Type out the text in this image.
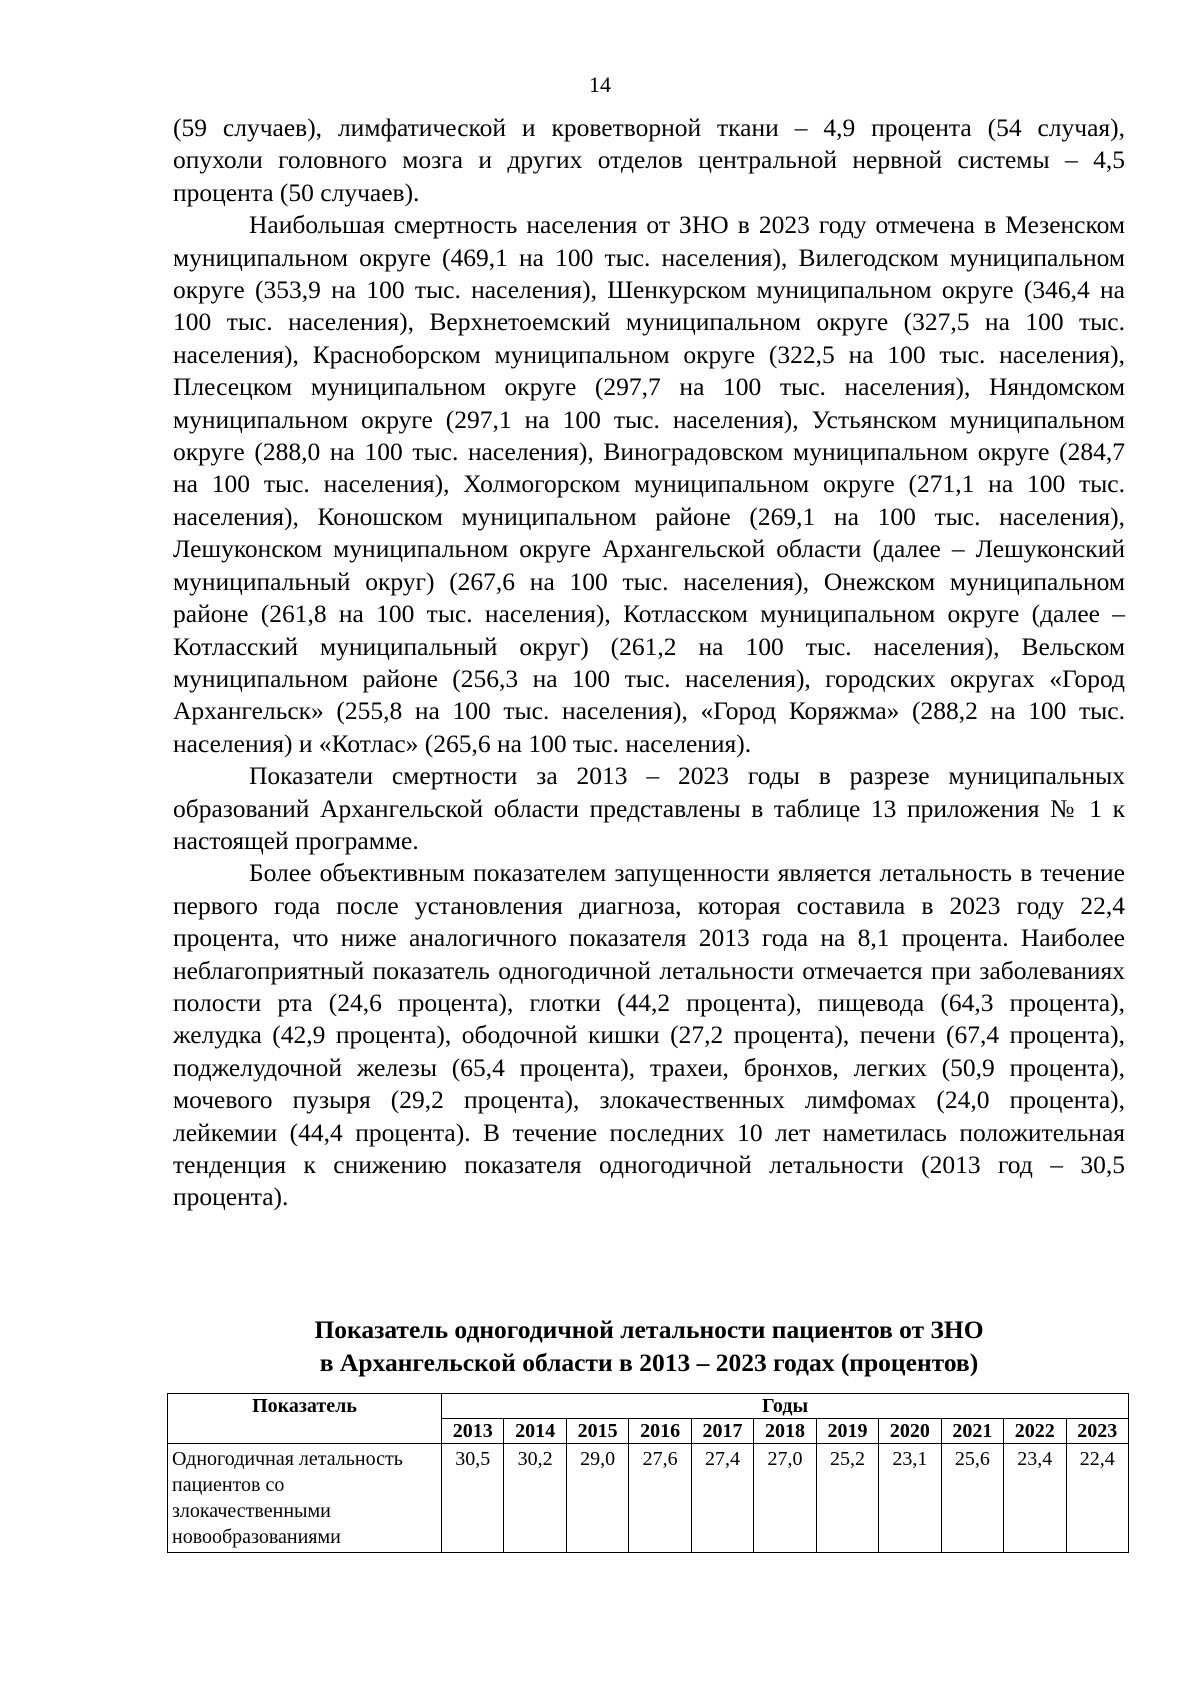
14

(59 случаев), лимфатической и кроветворной ткани – 4,9 процента (54 случая), опухоли головного мозга и других отделов центральной нервной системы – 4,5 процента (50 случаев).

Наибольшая смертность населения от ЗНО в 2023 году отмечена в Мезенском муниципальном округе (469,1 на 100 тыс. населения), Вилегодском муниципальном округе (353,9 на 100 тыс. населения), Шенкурском муниципальном округе (346,4 на 100 тыс. населения), Верхнетоемский муниципальном округе (327,5 на 100 тыс. населения), Красноборском муниципальном округе (322,5 на 100 тыс. населения), Плесецком муниципальном округе (297,7 на 100 тыс. населения), Няндомском муниципальном округе (297,1 на 100 тыс. населения), Устьянском муниципальном округе (288,0 на 100 тыс. населения), Виноградовском муниципальном округе (284,7 на 100 тыс. населения), Холмогорском муниципальном округе (271,1 на 100 тыс. населения), Коношском муниципальном районе (269,1 на 100 тыс. населения), Лешуконском муниципальном округе Архангельской области (далее – Лешуконский муниципальный округ) (267,6 на 100 тыс. населения), Онежском муниципальном районе (261,8 на 100 тыс. населения), Котласском муниципальном округе (далее – Котласский муниципальный округ) (261,2 на 100 тыс. населения), Вельском муниципальном районе (256,3 на 100 тыс. населения), городских округах «Город Архангельск» (255,8 на 100 тыс. населения), «Город Коряжма» (288,2 на 100 тыс. населения) и «Котлас» (265,6 на 100 тыс. населения).

Показатели смертности за 2013 – 2023 годы в разрезе муниципальных образований Архангельской области представлены в таблице 13 приложения № 1 к настоящей программе.

Более объективным показателем запущенности является летальность в течение первого года после установления диагноза, которая составила в 2023 году 22,4 процента, что ниже аналогичного показателя 2013 года на 8,1 процента. Наиболее неблагоприятный показатель одногодичной летальности отмечается при заболеваниях полости рта (24,6 процента), глотки (44,2 процента), пищевода (64,3 процента), желудка (42,9 процента), ободочной кишки (27,2 процента), печени (67,4 процента), поджелудочной железы (65,4 процента), трахеи, бронхов, легких (50,9 процента), мочевого пузыря (29,2 процента), злокачественных лимфомах (24,0 процента), лейкемии (44,4 процента). В течение последних 10 лет наметилась положительная тенденция к снижению показателя одногодичной летальности (2013 год – 30,5 процента).

Показатель одногодичной летальности пациентов от ЗНО
в Архангельской области в 2013 – 2023 годах (процентов)
Показатель	Годы										
	2013	2014	2015	2016	2017	2018	2019	2020	2021	2022	2023
Одногодичная летальность пациентов со злокачественными новообразованиями	30,5	30,2	29,0	27,6	27,4	27,0	25,2	23,1	25,6	23,4	22,4
